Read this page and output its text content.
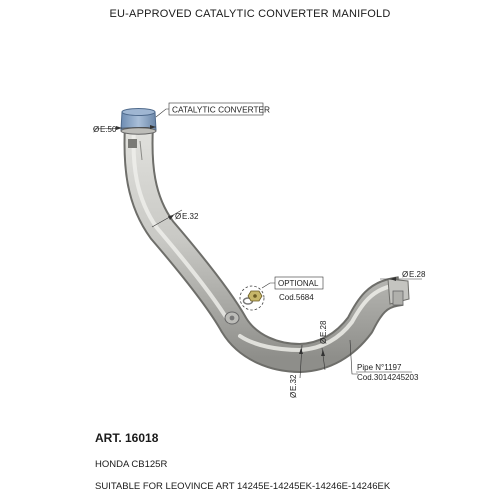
EU-APPROVED CATALYTIC CONVERTER MANIFOLD
CATALYTIC CONVERTER
OPTIONAL
Cod.5684
Pipe N°1197
Cod.3014245203
Ø E.50
Ø E.32
Ø E.28
Ø
E.28
Ø
E.32
ART. 16018
HONDA CB125R
SUITABLE FOR LEOVINCE ART 14245E-14245EK-14246E-14246EK
